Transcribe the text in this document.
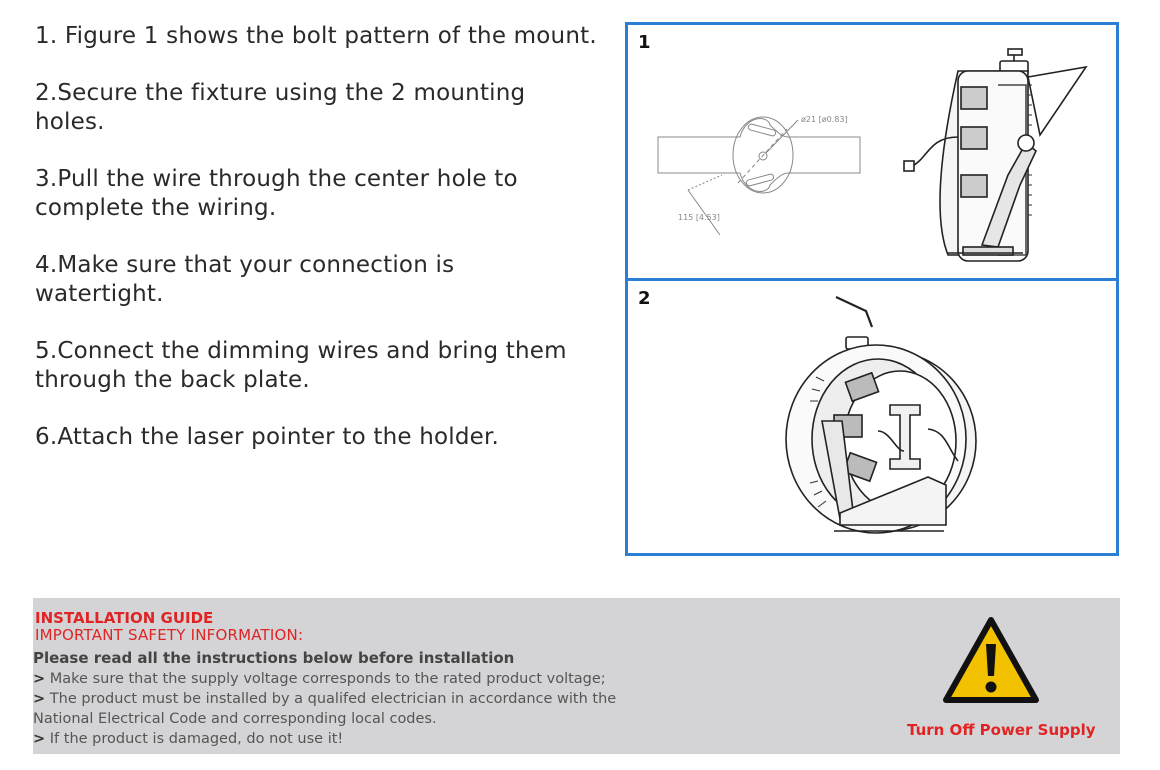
1. Figure 1 shows the bolt pattern of the mount.

2.Secure the fixture using the 2 mounting holes.

3.Pull the wire through the center hole to complete the wiring.

4.Make sure that your connection is watertight.

5.Connect the dimming wires and bring them through the back plate.

6.Attach the laser pointer to the holder.

1
ø21 [ø0.83]
115 [4.53]
2
INSTALLATION GUIDE
IMPORTANT SAFETY INFORMATION:
Please read all the instructions below before installation
> Make sure that the supply voltage corresponds to the rated product voltage;
> The product must be installed by a qualifed electrician in accordance with the
National Electrical Code and corresponding local codes.
> If the product is damaged, do not use it!	Turn Off Power Supply
